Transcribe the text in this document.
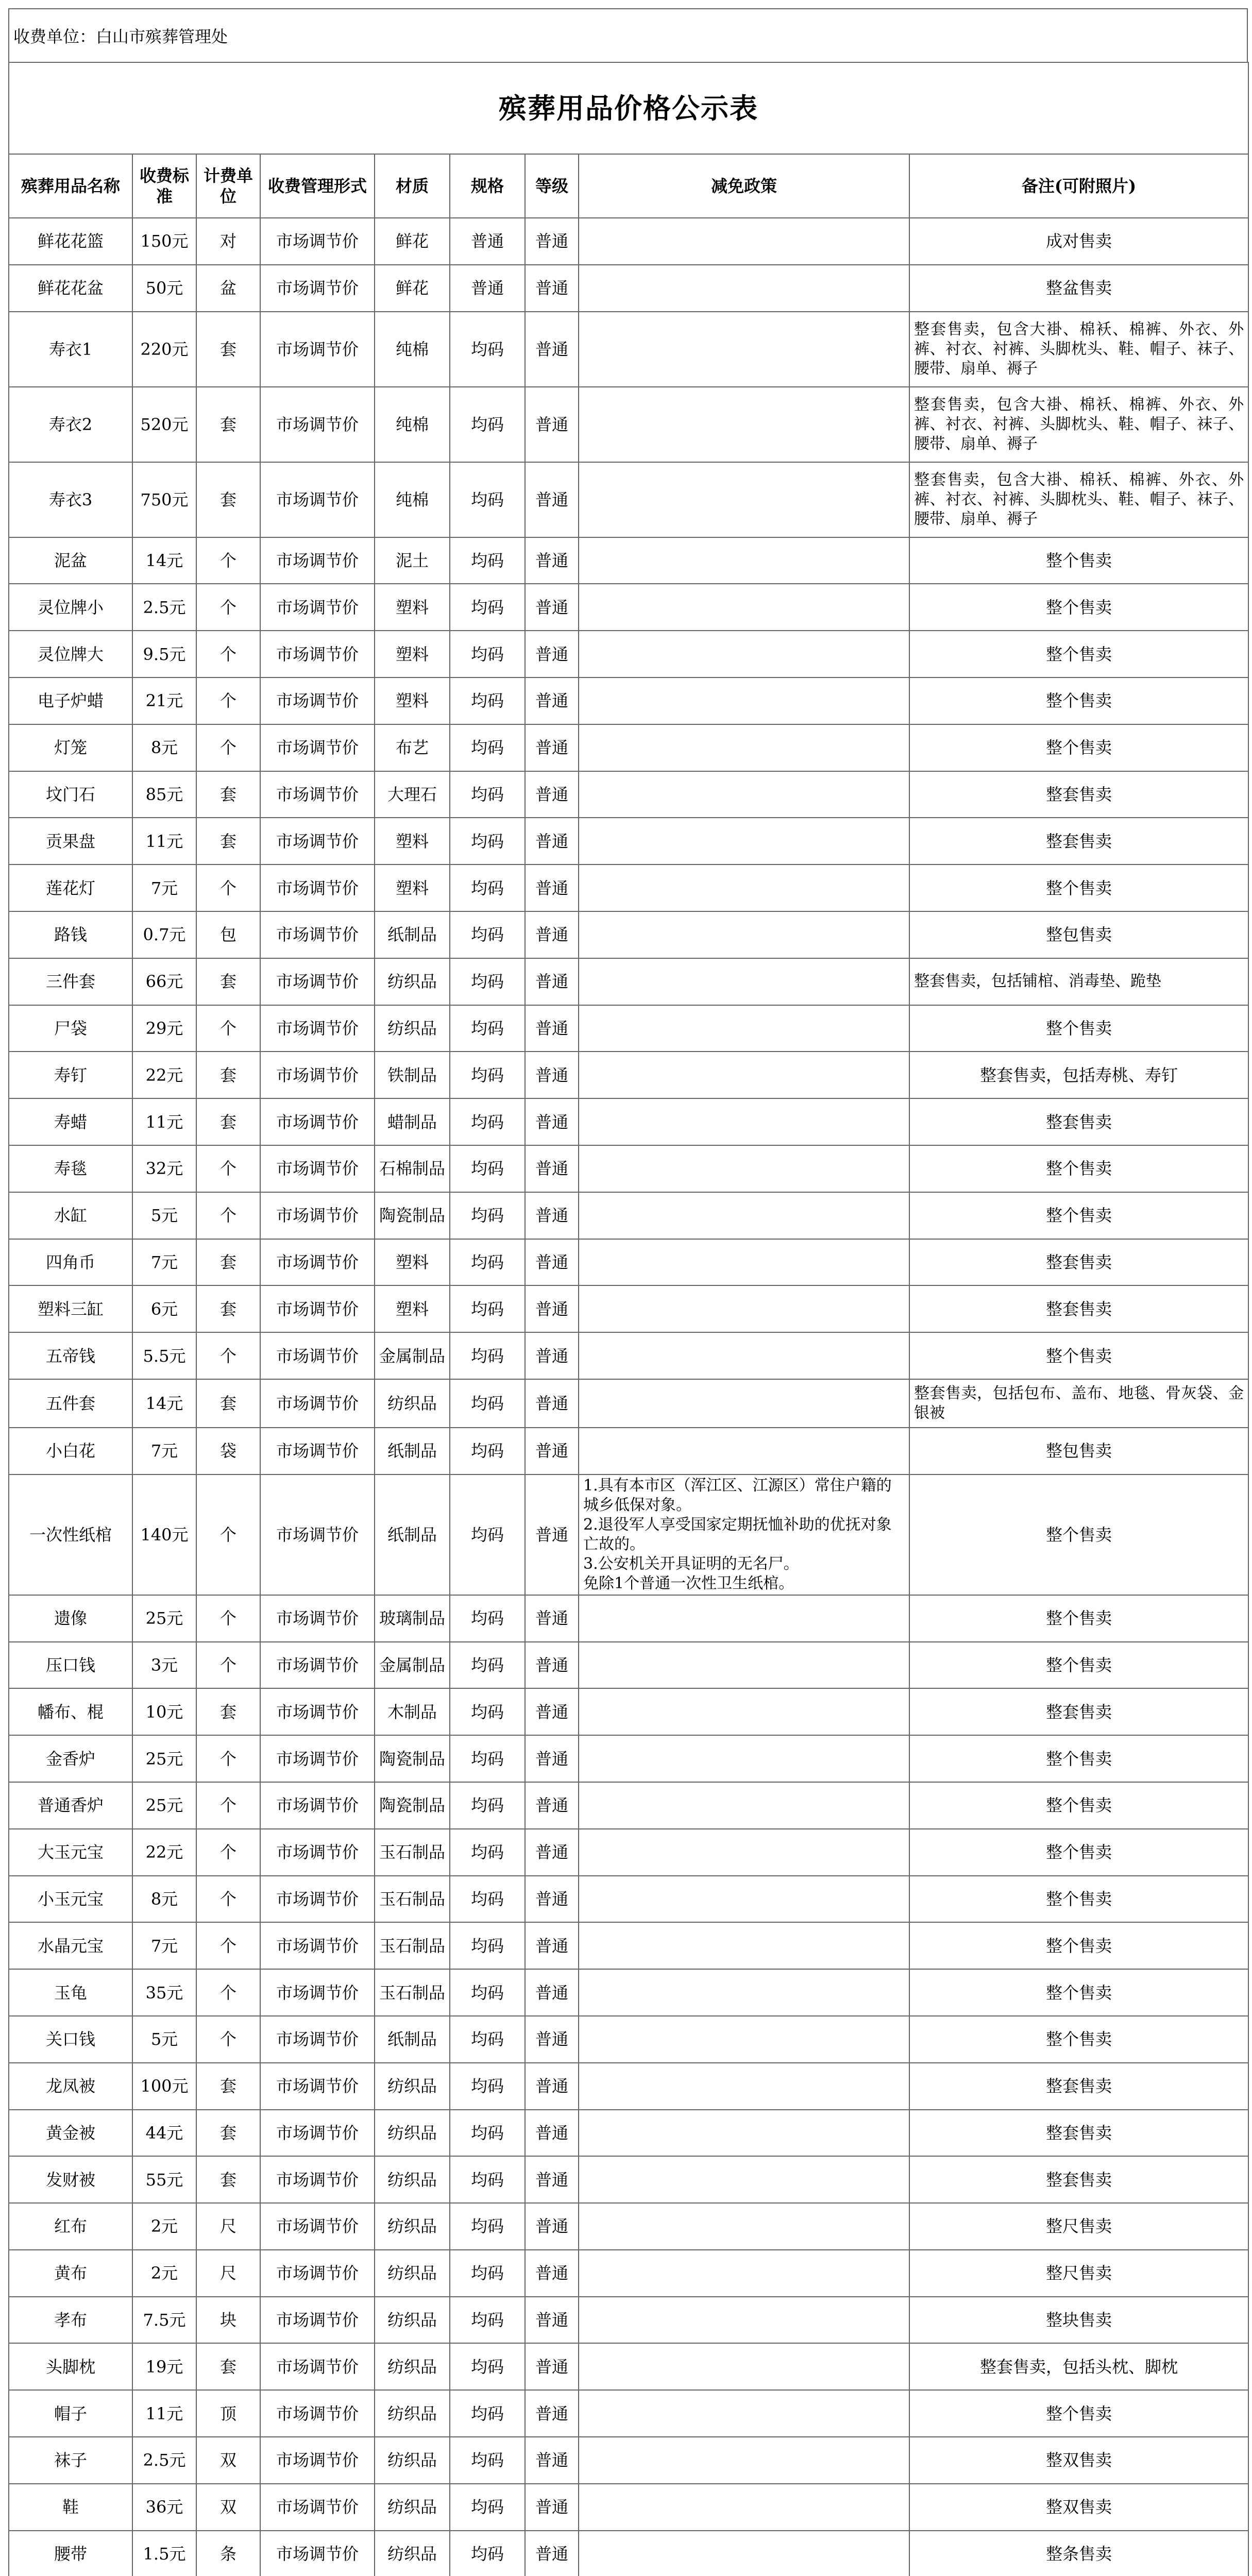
收费单位：白山市殡葬管理处
殡葬用品价格公示表								
殡葬用品名称	收费标准	计费单位	收费管理形式	材质	规格	等级	减免政策	备注(可附照片)
鲜花花篮	150元	对	市场调节价	鲜花	普通	普通		成对售卖
鲜花花盆	50元	盆	市场调节价	鲜花	普通	普通		整盆售卖
寿衣1	220元	套	市场调节价	纯棉	均码	普通		整套售卖，包含大褂、棉袄、棉裤、外衣、外裤、衬衣、衬裤、头脚枕头、鞋、帽子、袜子、腰带、扇单、褥子
寿衣2	520元	套	市场调节价	纯棉	均码	普通		整套售卖，包含大褂、棉袄、棉裤、外衣、外裤、衬衣、衬裤、头脚枕头、鞋、帽子、袜子、腰带、扇单、褥子
寿衣3	750元	套	市场调节价	纯棉	均码	普通		整套售卖，包含大褂、棉袄、棉裤、外衣、外裤、衬衣、衬裤、头脚枕头、鞋、帽子、袜子、腰带、扇单、褥子
泥盆	14元	个	市场调节价	泥土	均码	普通		整个售卖
灵位牌小	2.5元	个	市场调节价	塑料	均码	普通		整个售卖
灵位牌大	9.5元	个	市场调节价	塑料	均码	普通		整个售卖
电子炉蜡	21元	个	市场调节价	塑料	均码	普通		整个售卖
灯笼	8元	个	市场调节价	布艺	均码	普通		整个售卖
坟门石	85元	套	市场调节价	大理石	均码	普通		整套售卖
贡果盘	11元	套	市场调节价	塑料	均码	普通		整套售卖
莲花灯	7元	个	市场调节价	塑料	均码	普通		整个售卖
路钱	0.7元	包	市场调节价	纸制品	均码	普通		整包售卖
三件套	66元	套	市场调节价	纺织品	均码	普通		整套售卖，包括铺棺、消毒垫、跪垫
尸袋	29元	个	市场调节价	纺织品	均码	普通		整个售卖
寿钉	22元	套	市场调节价	铁制品	均码	普通		整套售卖，包括寿桃、寿钉
寿蜡	11元	套	市场调节价	蜡制品	均码	普通		整套售卖
寿毯	32元	个	市场调节价	石棉制品	均码	普通		整个售卖
水缸	5元	个	市场调节价	陶瓷制品	均码	普通		整个售卖
四角币	7元	套	市场调节价	塑料	均码	普通		整套售卖
塑料三缸	6元	套	市场调节价	塑料	均码	普通		整套售卖
五帝钱	5.5元	个	市场调节价	金属制品	均码	普通		整个售卖
五件套	14元	套	市场调节价	纺织品	均码	普通		整套售卖，包括包布、盖布、地毯、骨灰袋、金银被
小白花	7元	袋	市场调节价	纸制品	均码	普通		整包售卖
一次性纸棺	140元	个	市场调节价	纸制品	均码	普通	1.具有本市区（浑江区、江源区）常住户籍的城乡低保对象。
2.退役军人享受国家定期抚恤补助的优抚对象亡故的。
3.公安机关开具证明的无名尸。
免除1个普通一次性卫生纸棺。	整个售卖
遗像	25元	个	市场调节价	玻璃制品	均码	普通		整个售卖
压口钱	3元	个	市场调节价	金属制品	均码	普通		整个售卖
幡布、棍	10元	套	市场调节价	木制品	均码	普通		整套售卖
金香炉	25元	个	市场调节价	陶瓷制品	均码	普通		整个售卖
普通香炉	25元	个	市场调节价	陶瓷制品	均码	普通		整个售卖
大玉元宝	22元	个	市场调节价	玉石制品	均码	普通		整个售卖
小玉元宝	8元	个	市场调节价	玉石制品	均码	普通		整个售卖
水晶元宝	7元	个	市场调节价	玉石制品	均码	普通		整个售卖
玉龟	35元	个	市场调节价	玉石制品	均码	普通		整个售卖
关口钱	5元	个	市场调节价	纸制品	均码	普通		整个售卖
龙凤被	100元	套	市场调节价	纺织品	均码	普通		整套售卖
黄金被	44元	套	市场调节价	纺织品	均码	普通		整套售卖
发财被	55元	套	市场调节价	纺织品	均码	普通		整套售卖
红布	2元	尺	市场调节价	纺织品	均码	普通		整尺售卖
黄布	2元	尺	市场调节价	纺织品	均码	普通		整尺售卖
孝布	7.5元	块	市场调节价	纺织品	均码	普通		整块售卖
头脚枕	19元	套	市场调节价	纺织品	均码	普通		整套售卖，包括头枕、脚枕
帽子	11元	顶	市场调节价	纺织品	均码	普通		整个售卖
袜子	2.5元	双	市场调节价	纺织品	均码	普通		整双售卖
鞋	36元	双	市场调节价	纺织品	均码	普通		整双售卖
腰带	1.5元	条	市场调节价	纺织品	均码	普通		整条售卖
